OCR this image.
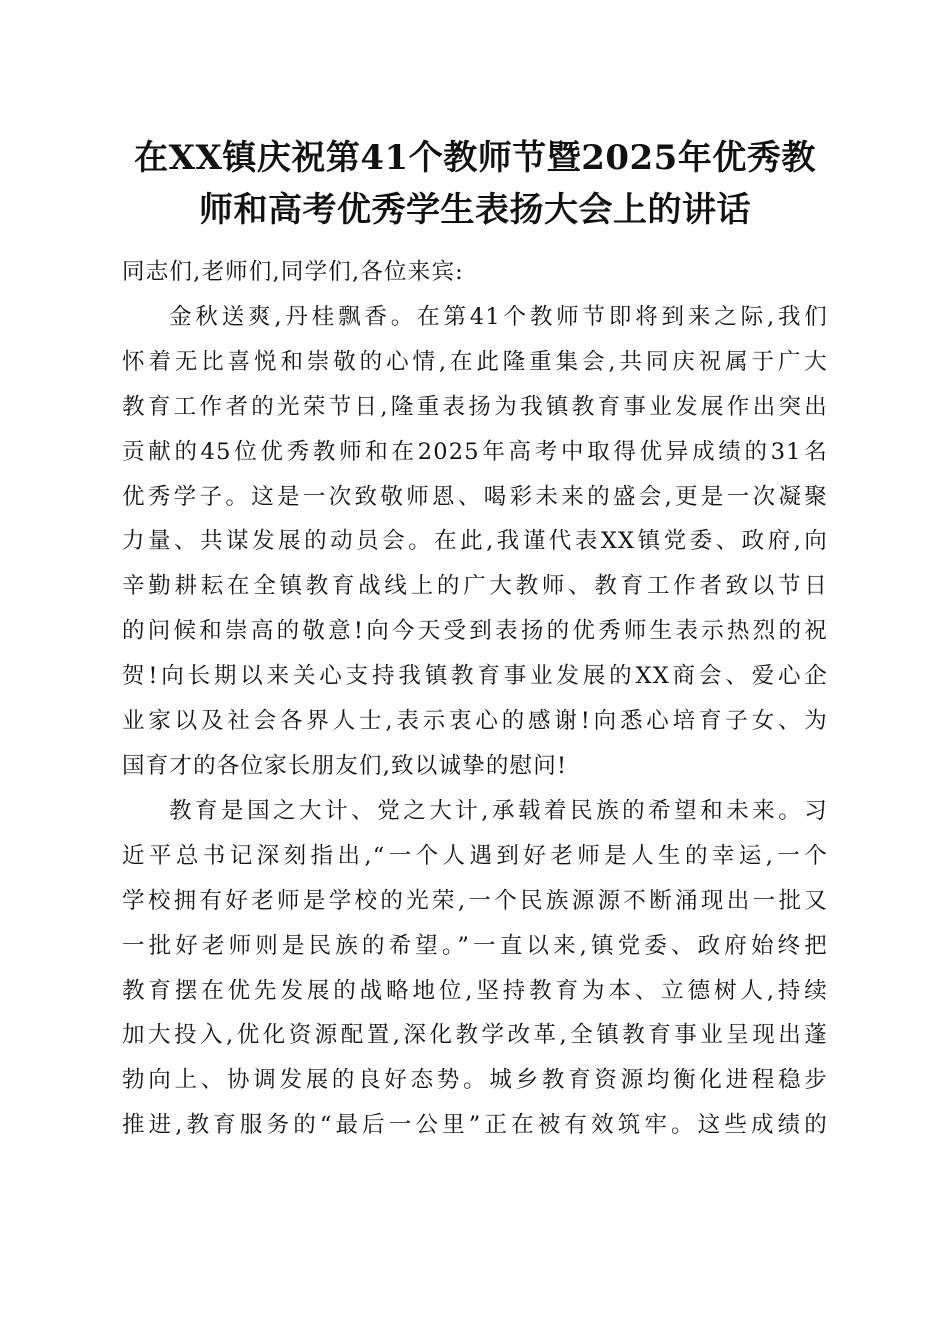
在XX镇庆祝第41个教师节暨2025年优秀教
师和高考优秀学生表扬大会上的讲话

同志们,老师们,同学们,各位来宾:

金秋送爽,丹桂飘香。在第41个教师节即将到来之际,我们
怀着无比喜悦和崇敬的心情,在此隆重集会,共同庆祝属于广大
教育工作者的光荣节日,隆重表扬为我镇教育事业发展作出突出
贡献的45位优秀教师和在2025年高考中取得优异成绩的31名
优秀学子。这是一次致敬师恩、喝彩未来的盛会,更是一次凝聚
力量、共谋发展的动员会。在此,我谨代表XX镇党委、政府,向
辛勤耕耘在全镇教育战线上的广大教师、教育工作者致以节日
的问候和崇高的敬意!向今天受到表扬的优秀师生表示热烈的祝
贺!向长期以来关心支持我镇教育事业发展的XX商会、爱心企
业家以及社会各界人士,表示衷心的感谢!向悉心培育子女、为
国育才的各位家长朋友们,致以诚挚的慰问!

教育是国之大计、党之大计,承载着民族的希望和未来。习
近平总书记深刻指出,“一个人遇到好老师是人生的幸运,一个
学校拥有好老师是学校的光荣,一个民族源源不断涌现出一批又
一批好老师则是民族的希望。”一直以来,镇党委、政府始终把
教育摆在优先发展的战略地位,坚持教育为本、立德树人,持续
加大投入,优化资源配置,深化教学改革,全镇教育事业呈现出蓬
勃向上、协调发展的良好态势。城乡教育资源均衡化进程稳步
推进,教育服务的“最后一公里”正在被有效筑牢。这些成绩的
